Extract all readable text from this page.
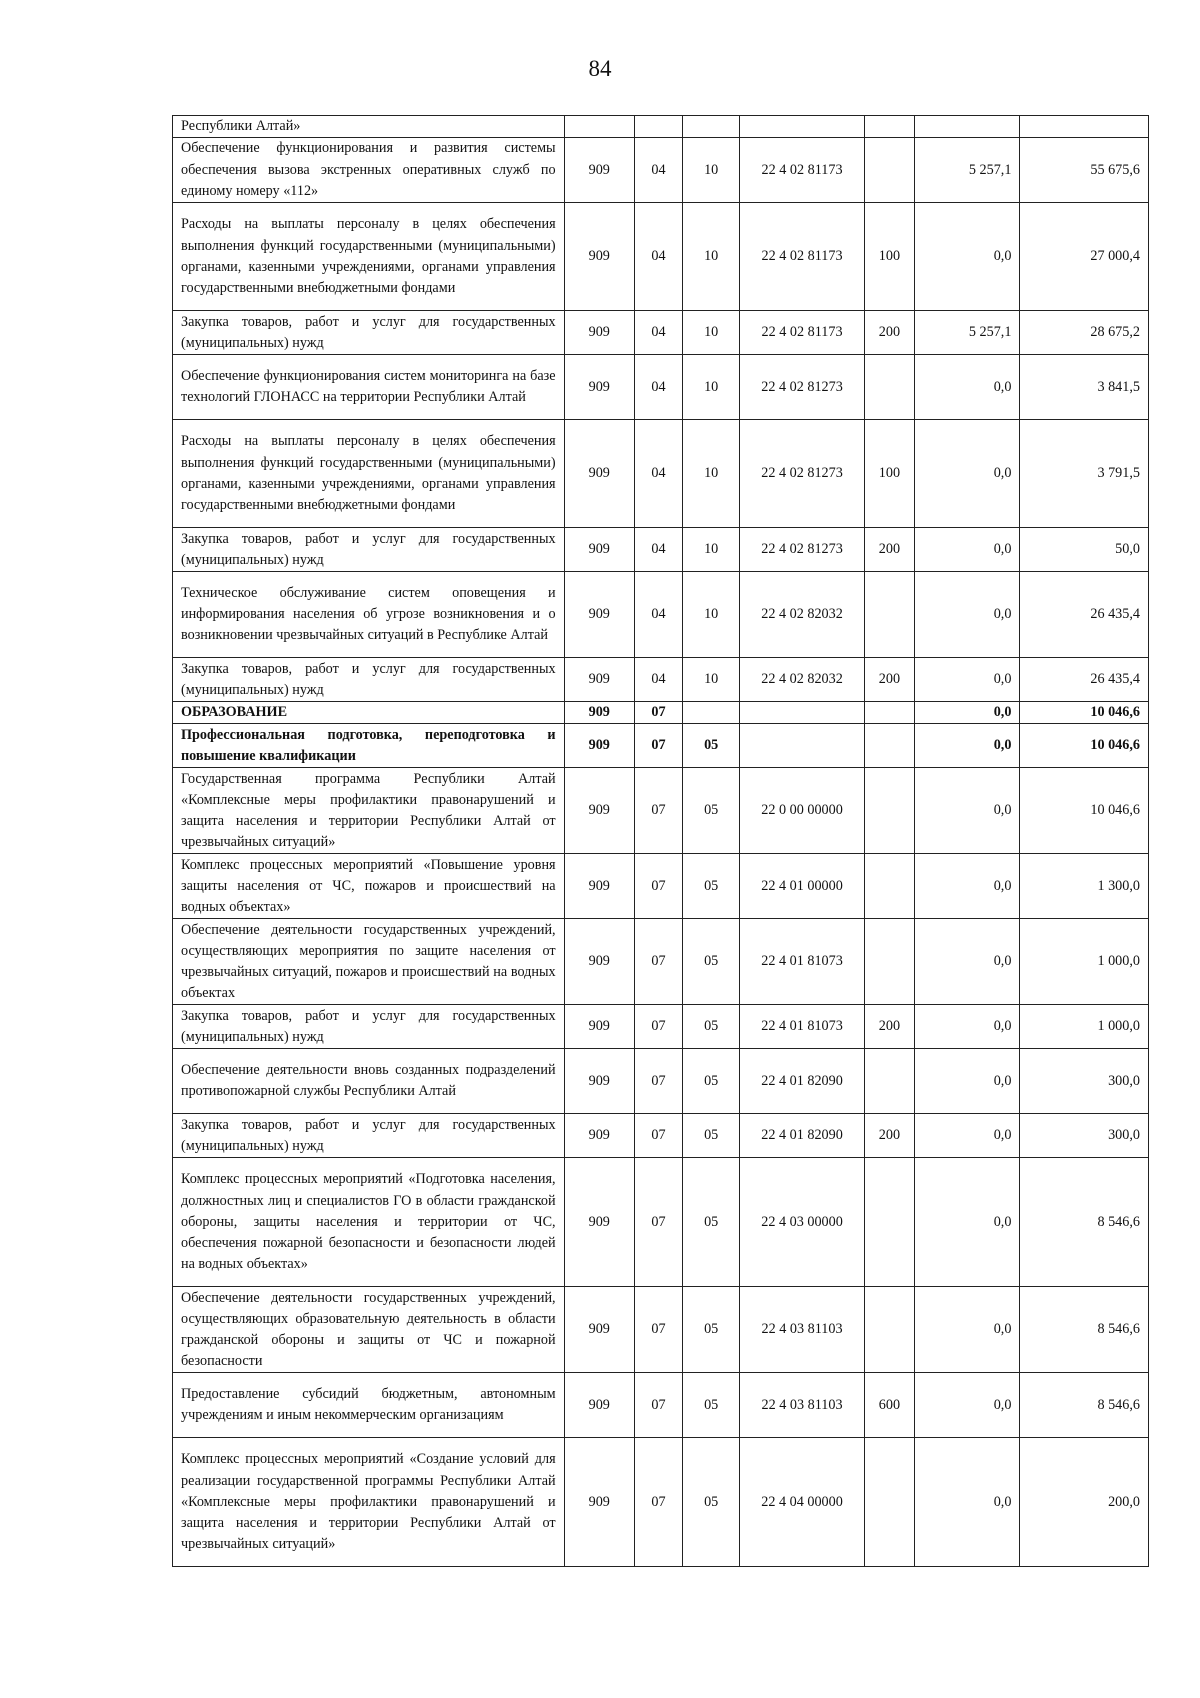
84
Республики Алтай»							
Обеспечение функционирования и развития системы обеспечения вызова экстренных оперативных служб по единому номеру «112»	909	04	10	22 4 02 81173		5 257,1	55 675,6
Расходы на выплаты персоналу в целях обеспечения выполнения функций государственными (муниципальными) органами, казенными учреждениями, органами управления государственными внебюджетными фондами	909	04	10	22 4 02 81173	100	0,0	27 000,4
Закупка товаров, работ и услуг для государственных (муниципальных) нужд	909	04	10	22 4 02 81173	200	5 257,1	28 675,2
Обеспечение функционирования систем мониторинга на базе технологий ГЛОНАСС на территории Республики Алтай	909	04	10	22 4 02 81273		0,0	3 841,5
Расходы на выплаты персоналу в целях обеспечения выполнения функций государственными (муниципальными) органами, казенными учреждениями, органами управления государственными внебюджетными фондами	909	04	10	22 4 02 81273	100	0,0	3 791,5
Закупка товаров, работ и услуг для государственных (муниципальных) нужд	909	04	10	22 4 02 81273	200	0,0	50,0
Техническое обслуживание систем оповещения и информирования населения об угрозе возникновения и о возникновении чрезвычайных ситуаций в Республике Алтай	909	04	10	22 4 02 82032		0,0	26 435,4
Закупка товаров, работ и услуг для государственных (муниципальных) нужд	909	04	10	22 4 02 82032	200	0,0	26 435,4
ОБРАЗОВАНИЕ	909	07				0,0	10 046,6
Профессиональная подготовка, переподготовка и повышение квалификации	909	07	05			0,0	10 046,6
Государственная программа Республики Алтай «Комплексные меры профилактики правонарушений и защита населения и территории Республики Алтай от чрезвычайных ситуаций»	909	07	05	22 0 00 00000		0,0	10 046,6
Комплекс процессных мероприятий «Повышение уровня защиты населения от ЧС, пожаров и происшествий на водных объектах»	909	07	05	22 4 01 00000		0,0	1 300,0
Обеспечение деятельности государственных учреждений, осуществляющих мероприятия по защите населения от чрезвычайных ситуаций, пожаров и происшествий на водных объектах	909	07	05	22 4 01 81073		0,0	1 000,0
Закупка товаров, работ и услуг для государственных (муниципальных) нужд	909	07	05	22 4 01 81073	200	0,0	1 000,0
Обеспечение деятельности вновь созданных подразделений противопожарной службы Республики Алтай	909	07	05	22 4 01 82090		0,0	300,0
Закупка товаров, работ и услуг для государственных (муниципальных) нужд	909	07	05	22 4 01 82090	200	0,0	300,0
Комплекс процессных мероприятий «Подготовка населения, должностных лиц и специалистов ГО в области гражданской обороны, защиты населения и территории от ЧС, обеспечения пожарной безопасности и безопасности людей на водных объектах»	909	07	05	22 4 03 00000		0,0	8 546,6
Обеспечение деятельности государственных учреждений, осуществляющих образовательную деятельность в области гражданской обороны и защиты от ЧС и пожарной безопасности	909	07	05	22 4 03 81103		0,0	8 546,6
Предоставление субсидий бюджетным, автономным учреждениям и иным некоммерческим организациям	909	07	05	22 4 03 81103	600	0,0	8 546,6
Комплекс процессных мероприятий «Создание условий для реализации государственной программы Республики Алтай «Комплексные меры профилактики правонарушений и защита населения и территории Республики Алтай от чрезвычайных ситуаций»	909	07	05	22 4 04 00000		0,0	200,0
